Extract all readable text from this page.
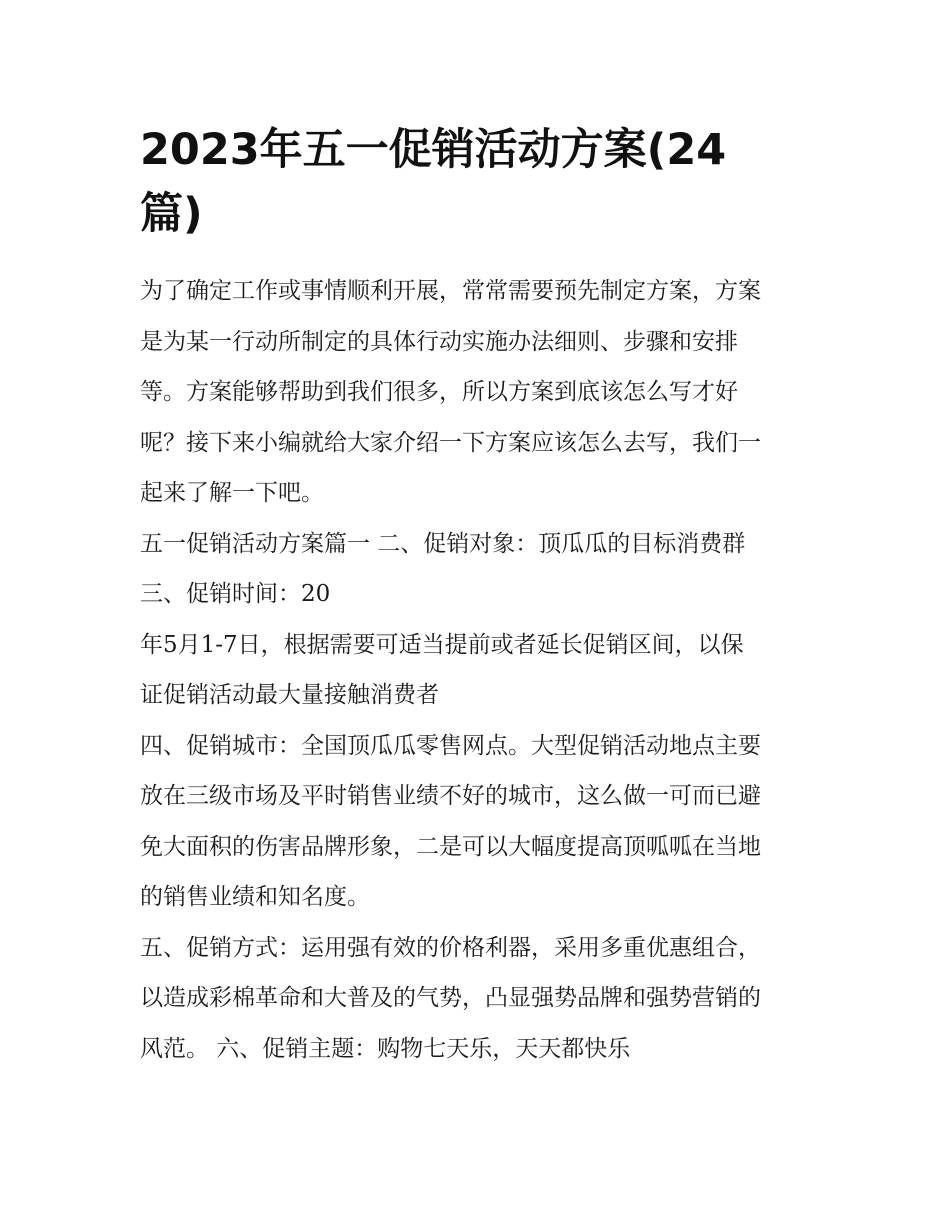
2023年五一促销活动方案(24
篇)

为了确定工作或事情顺利开展，常常需要预先制定方案，方案
是为某一行动所制定的具体行动实施办法细则、步骤和安排
等。方案能够帮助到我们很多，所以方案到底该怎么写才好
呢？接下来小编就给大家介绍一下方案应该怎么去写，我们一
起来了解一下吧。

五一促销活动方案篇一 二、促销对象：顶瓜瓜的目标消费群
三、促销时间：20

年5月1-7日，根据需要可适当提前或者延长促销区间，以保
证促销活动最大量接触消费者

四、促销城市：全国顶瓜瓜零售网点。大型促销活动地点主要
放在三级市场及平时销售业绩不好的城市，这么做一可而已避
免大面积的伤害品牌形象，二是可以大幅度提高顶呱呱在当地
的销售业绩和知名度。

五、促销方式：运用强有效的价格利器，采用多重优惠组合，
以造成彩棉革命和大普及的气势，凸显强势品牌和强势营销的
风范。 六、促销主题：购物七天乐，天天都快乐
